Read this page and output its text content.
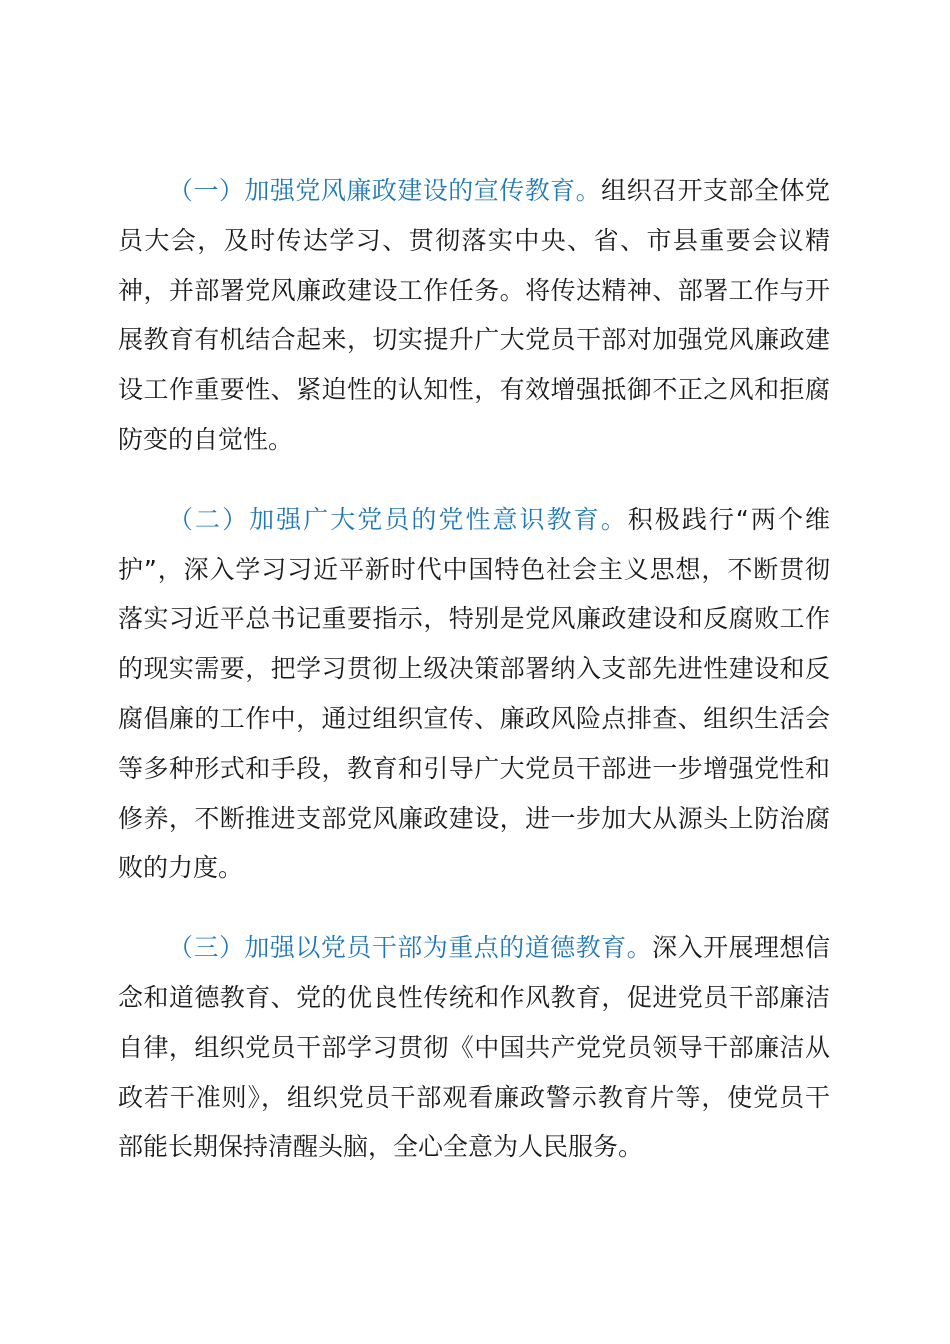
（一）加强党风廉政建设的宣传教育。组织召开支部全体党员大会，及时传达学习、贯彻落实中央、省、市县重要会议精神，并部署党风廉政建设工作任务。将传达精神、部署工作与开展教育有机结合起来，切实提升广大党员干部对加强党风廉政建设工作重要性、紧迫性的认知性，有效增强抵御不正之风和拒腐防变的自觉性。

（二）加强广大党员的党性意识教育。积极践行“两个维护”，深入学习习近平新时代中国特色社会主义思想，不断贯彻落实习近平总书记重要指示，特别是党风廉政建设和反腐败工作的现实需要，把学习贯彻上级决策部署纳入支部先进性建设和反腐倡廉的工作中，通过组织宣传、廉政风险点排查、组织生活会等多种形式和手段，教育和引导广大党员干部进一步增强党性和修养，不断推进支部党风廉政建设，进一步加大从源头上防治腐败的力度。

（三）加强以党员干部为重点的道德教育。深入开展理想信念和道德教育、党的优良性传统和作风教育，促进党员干部廉洁自律，组织党员干部学习贯彻《中国共产党党员领导干部廉洁从政若干准则》，组织党员干部观看廉政警示教育片等，使党员干部能长期保持清醒头脑，全心全意为人民服务。
